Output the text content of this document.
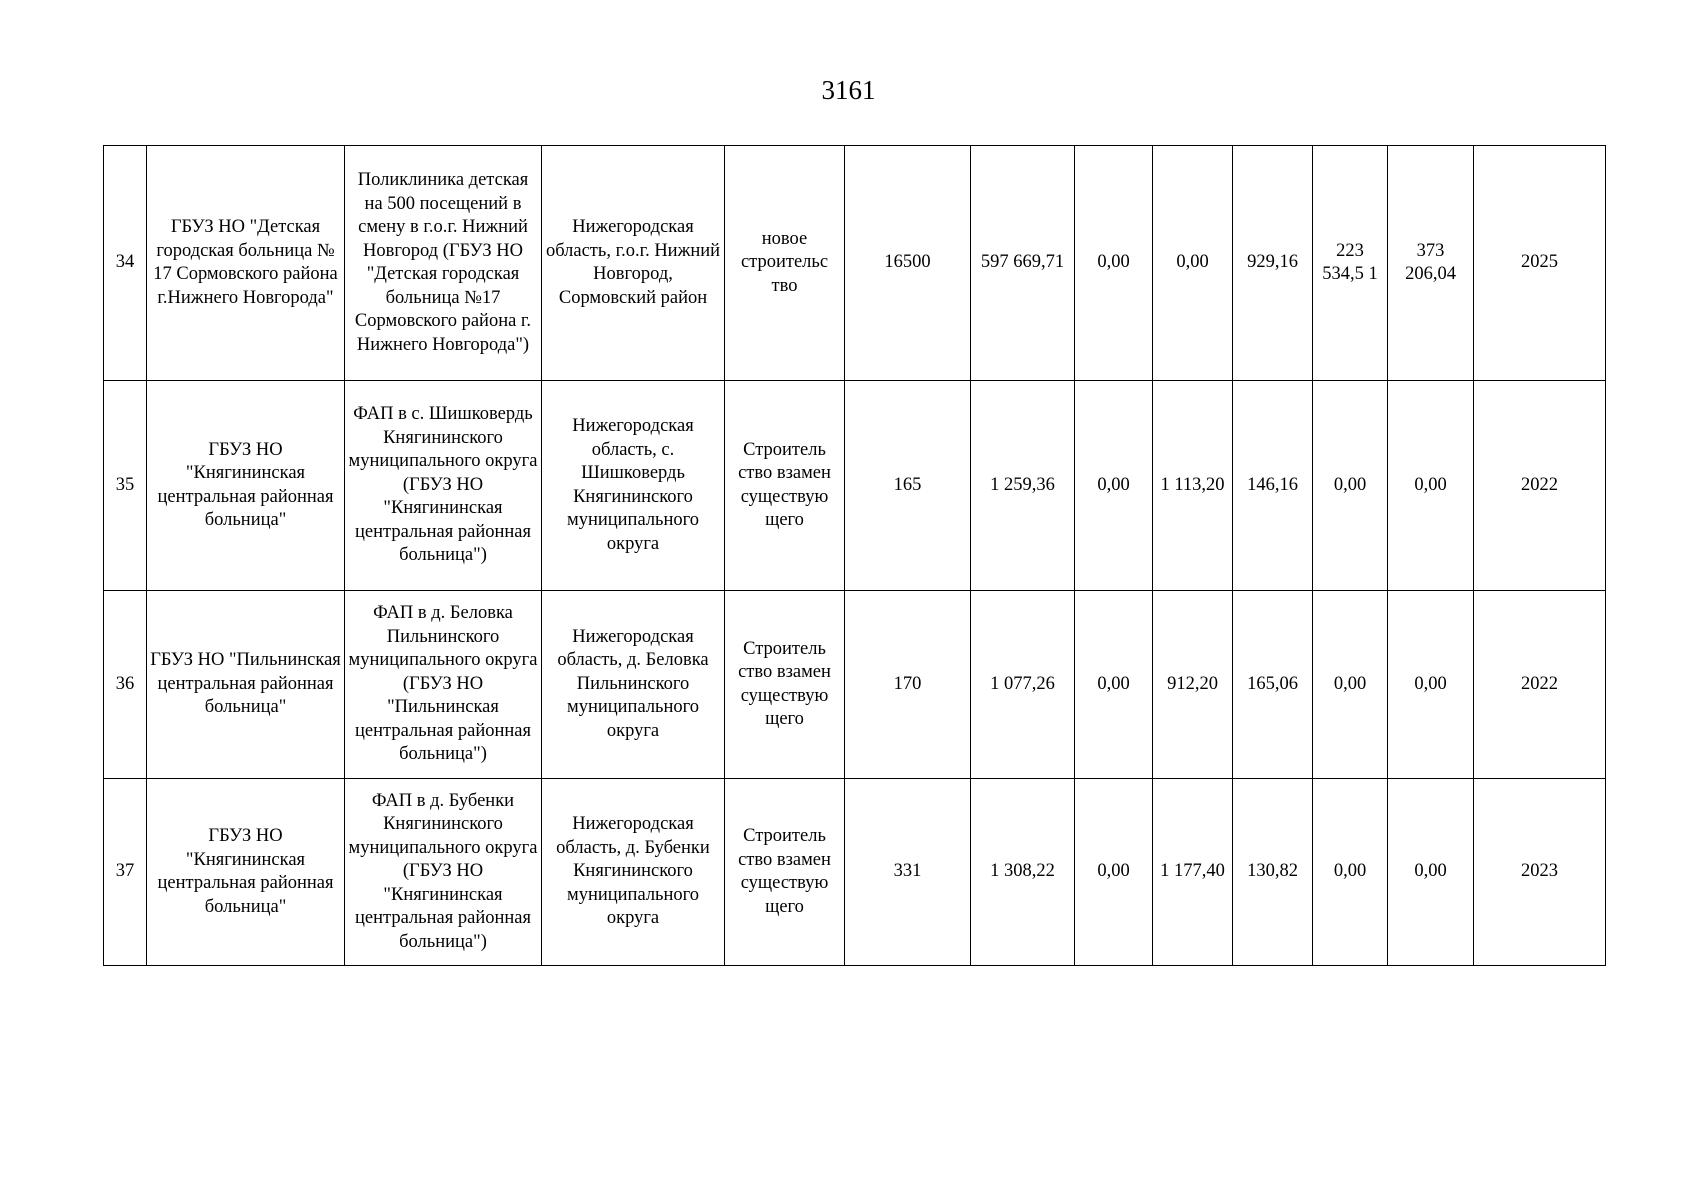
3161
34	ГБУЗ НО "Детская городская больница № 17 Сормовского района г.Нижнего Новгорода"	Поликлиника детская на 500 посещений в смену в г.о.г. Нижний Новгород (ГБУЗ НО "Детская городская больница №17 Сормовского района г. Нижнего Новгорода")	Нижегородская область, г.о.г. Нижний Новгород, Сормовский район	новое строительс тво	16500	597 669,71	0,00	0,00	929,16	223 534,5 1	373 206,04	2025
35	ГБУЗ НО "Княгининская центральная районная больница"	ФАП в с. Шишковердь Княгининского муниципального округа (ГБУЗ НО "Княгининская центральная районная больница")	Нижегородская область, с. Шишковердь Княгининского муниципального округа	Строитель ство взамен существую щего	165	1 259,36	0,00	1 113,20	146,16	0,00	0,00	2022
36	ГБУЗ НО "Пильнинская центральная районная больница"	ФАП в д. Беловка Пильнинского муниципального округа (ГБУЗ НО "Пильнинская центральная районная больница")	Нижегородская область, д. Беловка Пильнинского муниципального округа	Строитель ство взамен существую щего	170	1 077,26	0,00	912,20	165,06	0,00	0,00	2022
37	ГБУЗ НО "Княгининская центральная районная больница"	ФАП в д. Бубенки Княгининского муниципального округа (ГБУЗ НО "Княгининская центральная районная больница")	Нижегородская область, д. Бубенки Княгининского муниципального округа	Строитель ство взамен существую щего	331	1 308,22	0,00	1 177,40	130,82	0,00	0,00	2023
